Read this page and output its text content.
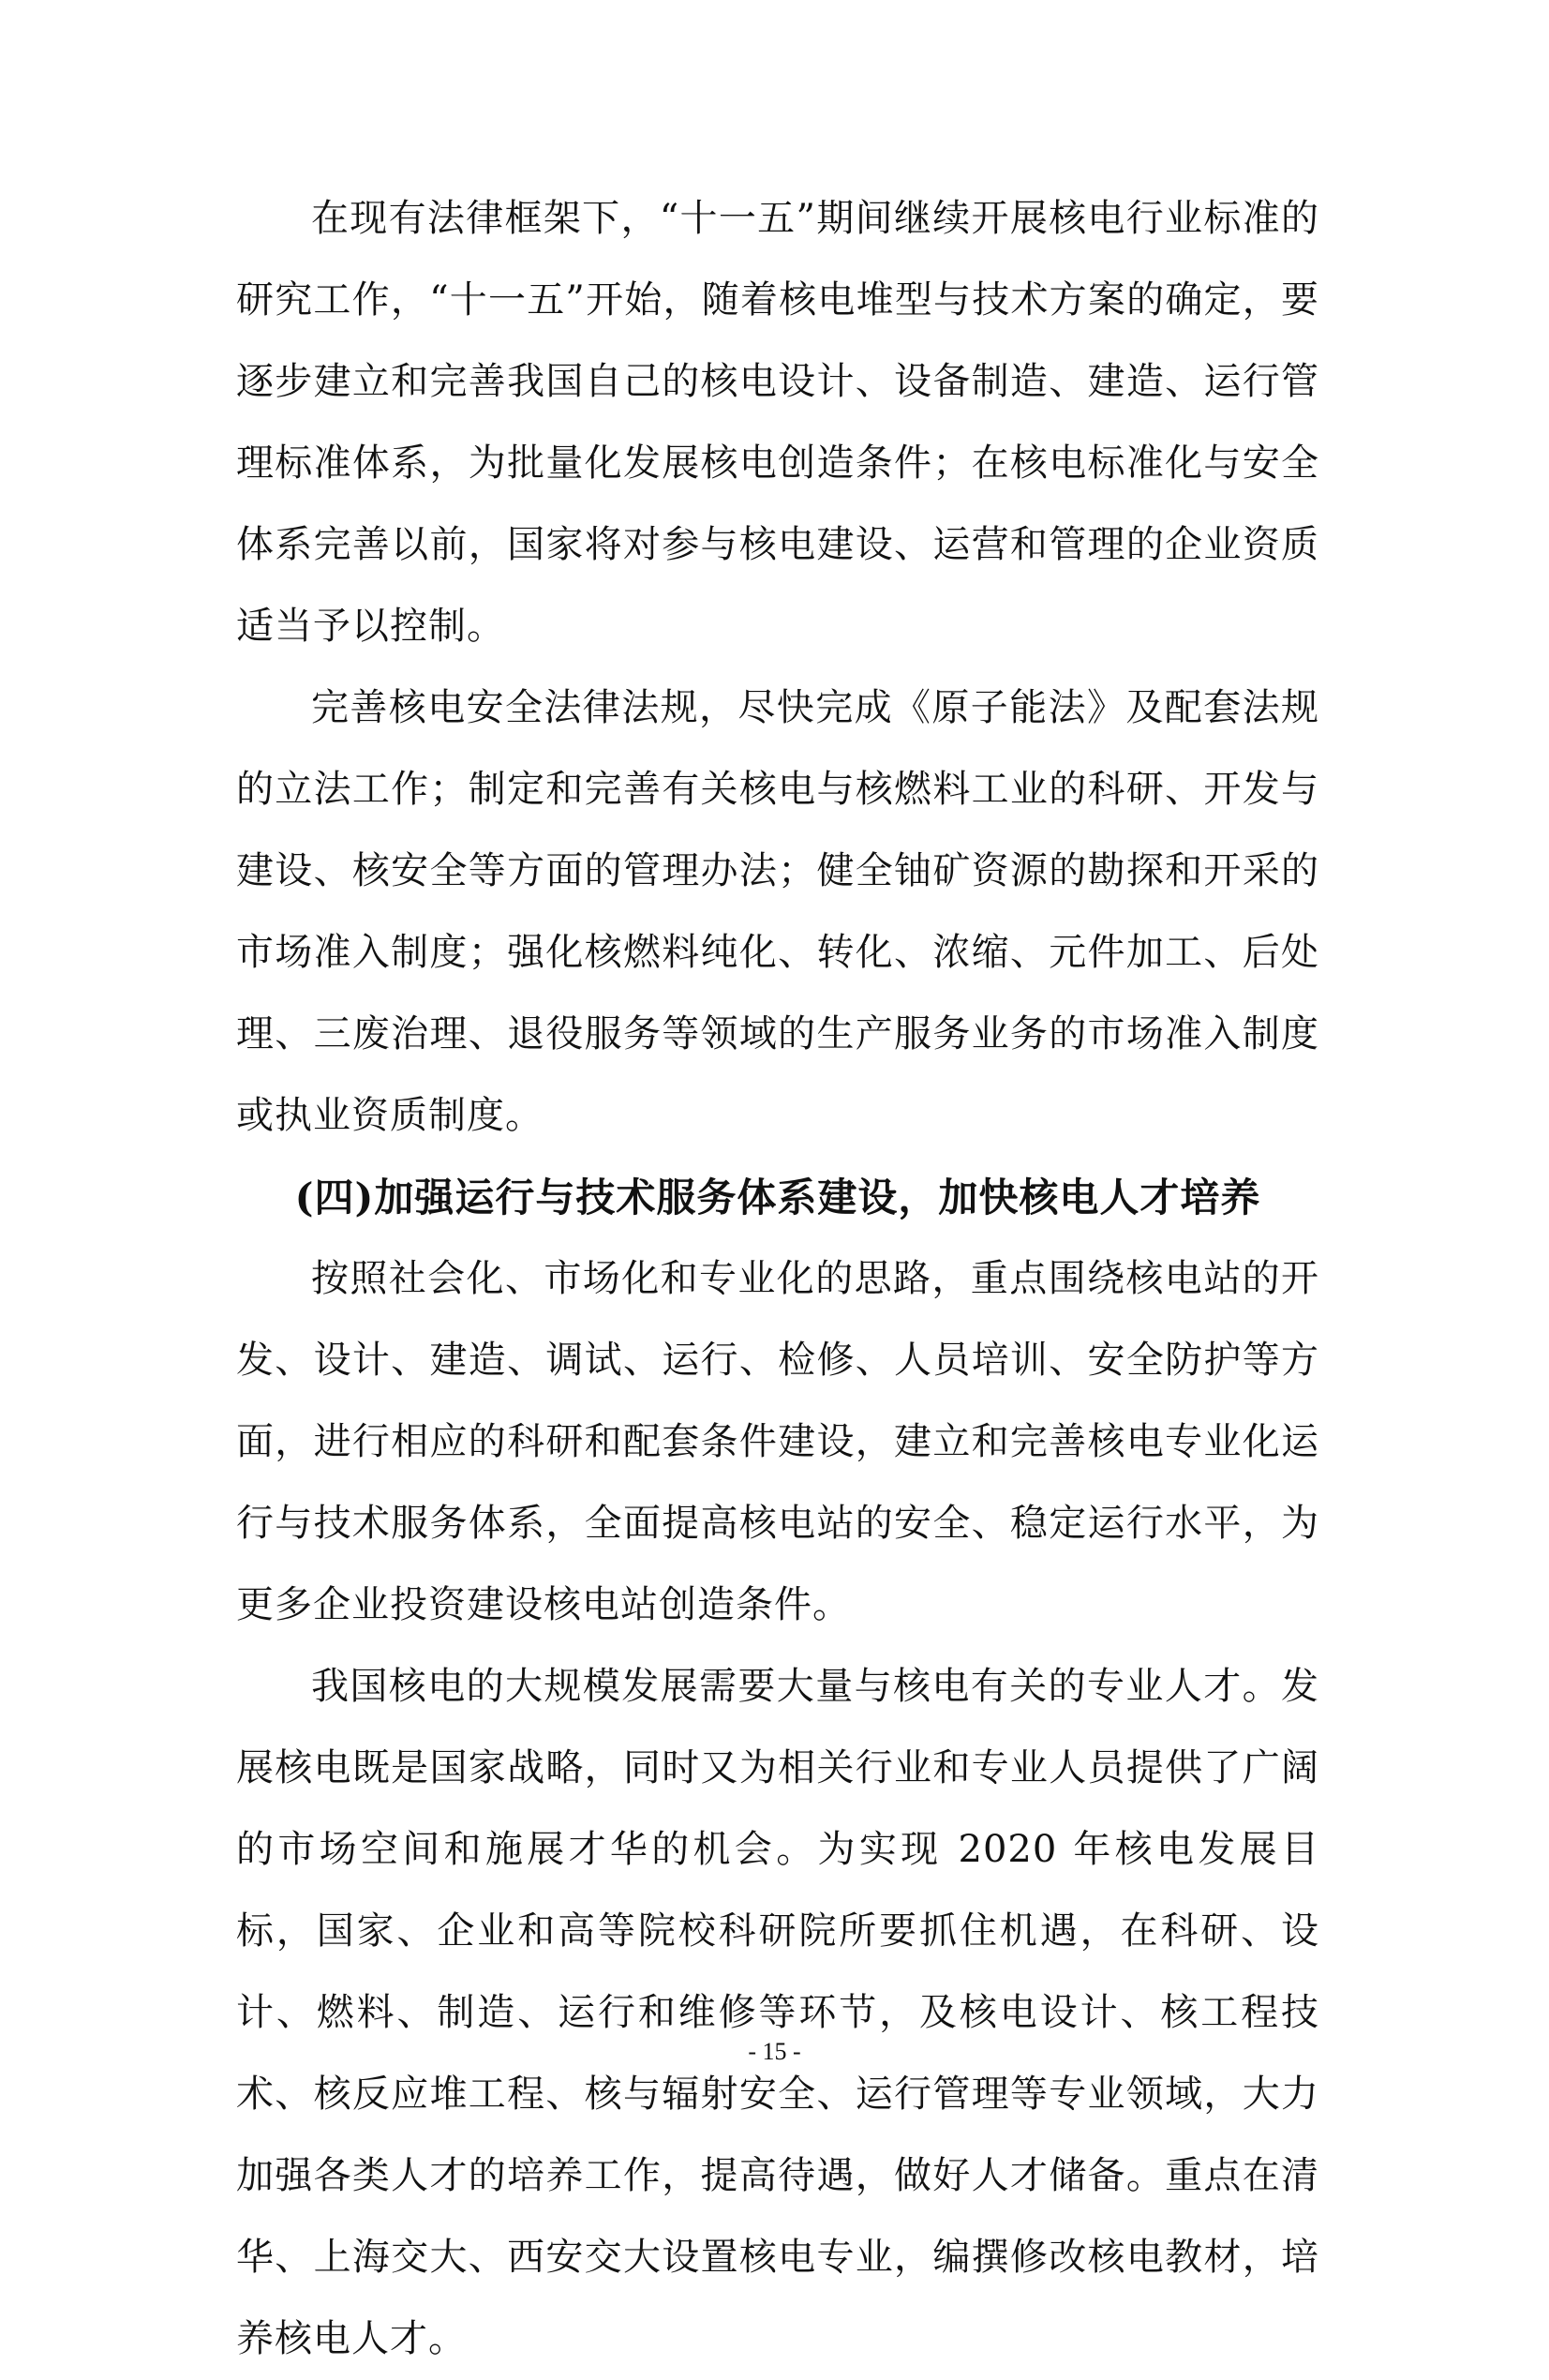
在现有法律框架下，“十一五”期间继续开展核电行业标准的研究工作，“十一五”开始，随着核电堆型与技术方案的确定，要逐步建立和完善我国自己的核电设计、设备制造、建造、运行管理标准体系，为批量化发展核电创造条件；在核电标准化与安全体系完善以前，国家将对参与核电建设、运营和管理的企业资质适当予以控制。

完善核电安全法律法规，尽快完成《原子能法》及配套法规的立法工作；制定和完善有关核电与核燃料工业的科研、开发与建设、核安全等方面的管理办法；健全铀矿资源的勘探和开采的市场准入制度；强化核燃料纯化、转化、浓缩、元件加工、后处理、三废治理、退役服务等领域的生产服务业务的市场准入制度或执业资质制度。

(四)加强运行与技术服务体系建设，加快核电人才培养

按照社会化、市场化和专业化的思路，重点围绕核电站的开发、设计、建造、调试、运行、检修、人员培训、安全防护等方面，进行相应的科研和配套条件建设，建立和完善核电专业化运行与技术服务体系，全面提高核电站的安全、稳定运行水平，为更多企业投资建设核电站创造条件。

我国核电的大规模发展需要大量与核电有关的专业人才。发展核电既是国家战略，同时又为相关行业和专业人员提供了广阔的市场空间和施展才华的机会。为实现 2020 年核电发展目标，国家、企业和高等院校科研院所要抓住机遇，在科研、设计、燃料、制造、运行和维修等环节，及核电设计、核工程技术、核反应堆工程、核与辐射安全、运行管理等专业领域，大力加强各类人才的培养工作，提高待遇，做好人才储备。重点在清华、上海交大、西安交大设置核电专业，编撰修改核电教材，培养核电人才。

- 15 -
